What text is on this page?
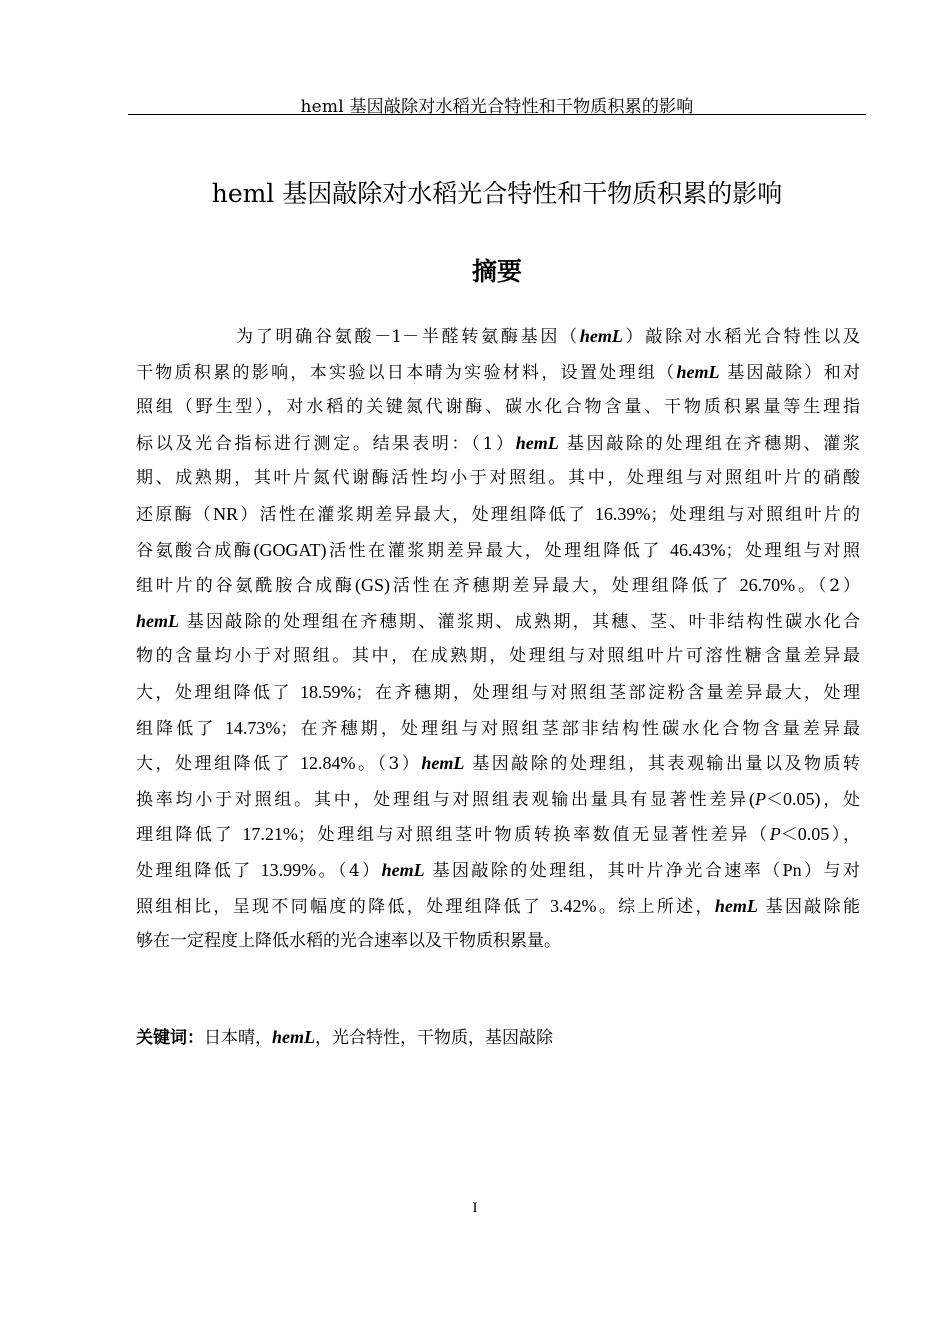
heml 基因敲除对水稻光合特性和干物质积累的影响
heml 基因敲除对水稻光合特性和干物质积累的影响
摘要
为了明确谷氨酸－1－半醛转氨酶基因（hemL）敲除对水稻光合特性以及
干物质积累的影响，本实验以日本晴为实验材料，设置处理组（hemL 基因敲除）和对
照组（野生型），对水稻的关键氮代谢酶、碳水化合物含量、干物质积累量等生理指
标以及光合指标进行测定。结果表明：（1）hemL 基因敲除的处理组在齐穗期、灌浆
期、成熟期，其叶片氮代谢酶活性均小于对照组。其中，处理组与对照组叶片的硝酸
还原酶（NR）活性在灌浆期差异最大，处理组降低了 16.39%；处理组与对照组叶片的
谷氨酸合成酶(GOGAT)活性在灌浆期差异最大，处理组降低了 46.43%；处理组与对照
组叶片的谷氨酰胺合成酶(GS)活性在齐穗期差异最大，处理组降低了 26.70%。（2）
hemL 基因敲除的处理组在齐穗期、灌浆期、成熟期，其穗、茎、叶非结构性碳水化合
物的含量均小于对照组。其中，在成熟期，处理组与对照组叶片可溶性糖含量差异最
大，处理组降低了 18.59%；在齐穗期，处理组与对照组茎部淀粉含量差异最大，处理
组降低了 14.73%；在齐穗期，处理组与对照组茎部非结构性碳水化合物含量差异最
大，处理组降低了 12.84%。（3）hemL 基因敲除的处理组，其表观输出量以及物质转
换率均小于对照组。其中，处理组与对照组表观输出量具有显著性差异(P＜0.05)，处
理组降低了 17.21%；处理组与对照组茎叶物质转换率数值无显著性差异（P＜0.05），
处理组降低了 13.99%。（4）hemL 基因敲除的处理组，其叶片净光合速率（Pn）与对
照组相比，呈现不同幅度的降低，处理组降低了 3.42%。综上所述，hemL 基因敲除能
够在一定程度上降低水稻的光合速率以及干物质积累量。
关键词：日本晴，hemL，光合特性，干物质，基因敲除
I
